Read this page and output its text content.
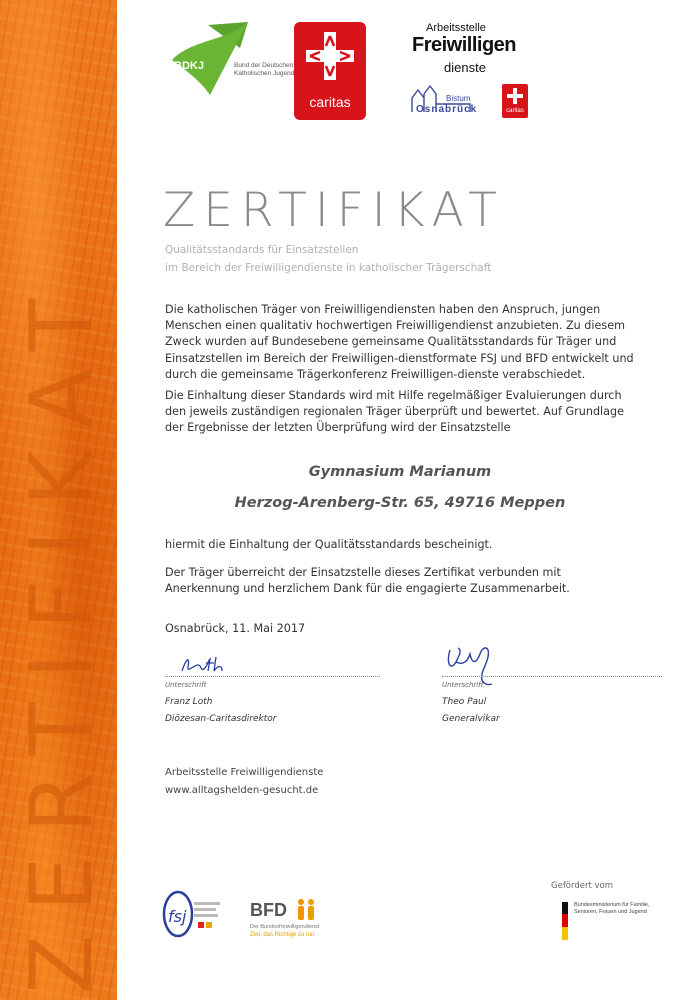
ZERTIFIKAT
BDKJ	Bund der Deutschen
Katholischen Jugend
caritas
Arbeitsstelle
Freiwilligen
dienste
Bistum
Osnabrück	caritas
ZERTIFIKAT
Qualitätsstandards für Einsatzstellen
im Bereich der Freiwilligendienste in katholischer Trägerschaft
Die katholischen Träger von Freiwilligendiensten haben den Anspruch, jungen Menschen einen qualitativ hochwertigen Freiwilligendienst anzubieten. Zu diesem Zweck wurden auf Bundesebene gemeinsame Qualitätsstandards für Träger und Einsatzstellen im Bereich der Freiwilligen-dienstformate FSJ und BFD entwickelt und durch die gemeinsame Trägerkonferenz Freiwilligen-dienste verabschiedet.
Die Einhaltung dieser Standards wird mit Hilfe regelmäßiger Evaluierungen durch den jeweils zuständigen regionalen Träger überprüft und bewertet. Auf Grundlage der Ergebnisse der letzten Überprüfung wird der Einsatzstelle
Gymnasium Marianum
Herzog-Arenberg-Str. 65, 49716 Meppen
hiermit die Einhaltung der Qualitätsstandards bescheinigt.
Der Träger überreicht der Einsatzstelle dieses Zertifikat verbunden mit Anerkennung und herzlichem Dank für die engagierte Zusammenarbeit.
Osnabrück, 11. Mai 2017
Unterschrift
Franz Loth
Diözesan-Caritasdirektor
Unterschrift
Theo Paul
Generalvikar
Arbeitsstelle Freiwilligendienste
www.alltagshelden-gesucht.de
fsj	BFD
Der Bundesfreiwilligendienst
Zeit, das Richtige zu tun
Gefördert vom
Bundesministerium für Familie, Senioren, Frauen und Jugend
